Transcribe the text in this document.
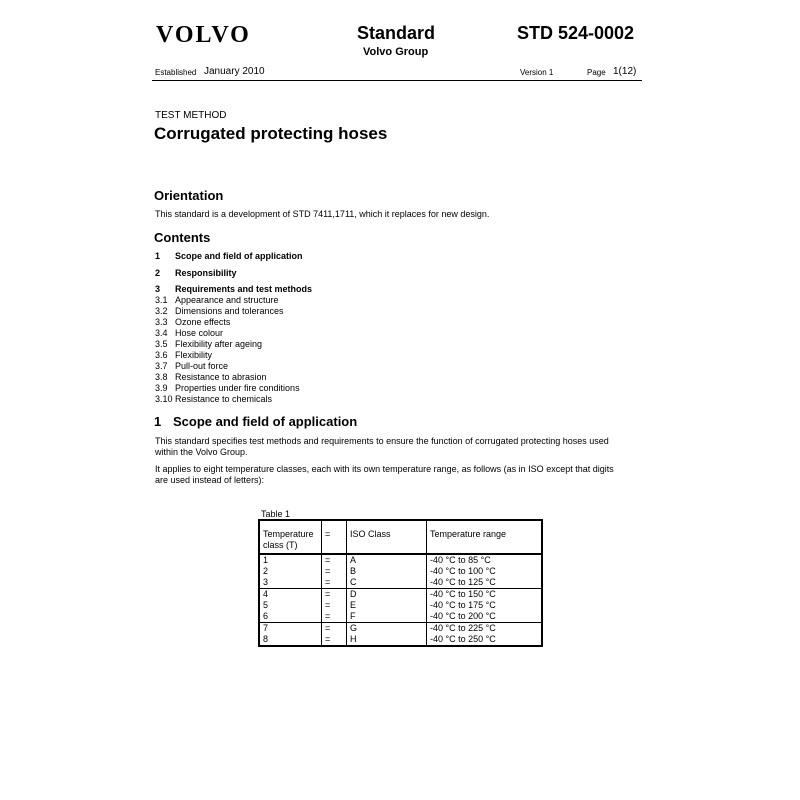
VOLVO	Standard
Volvo Group
STD 524-0002
Established January 2010	Version 1	Page 1(12)
TEST METHOD
Corrugated protecting hoses
Orientation
This standard is a development of STD 7411,1711, which it replaces for new design.
Contents
1 Scope and field of application
2 Responsibility
3 Requirements and test methods
3.1 Appearance and structure
3.2 Dimensions and tolerances
3.3 Ozone effects
3.4 Hose colour
3.5 Flexibility after ageing
3.6 Flexibility
3.7 Pull-out force
3.8 Resistance to abrasion
3.9 Properties under fire conditions
3.10 Resistance to chemicals
1 Scope and field of application
This standard specifies test methods and requirements to ensure the function of corrugated protecting hoses used
within the Volvo Group.
It applies to eight temperature classes, each with its own temperature range, as follows (as in ISO except that digits
are used instead of letters):
Table 1
Temperature
class (T)	=	ISO Class	Temperature range
1	=	A	-40 °C to 85 °C
2	=	B	-40 °C to 100 °C
3	=	C	-40 °C to 125 °C
4	=	D	-40 °C to 150 °C
5	=	E	-40 °C to 175 °C
6	=	F	-40 °C to 200 °C
7	=	G	-40 °C to 225 °C
8	=	H	-40 °C to 250 °C
